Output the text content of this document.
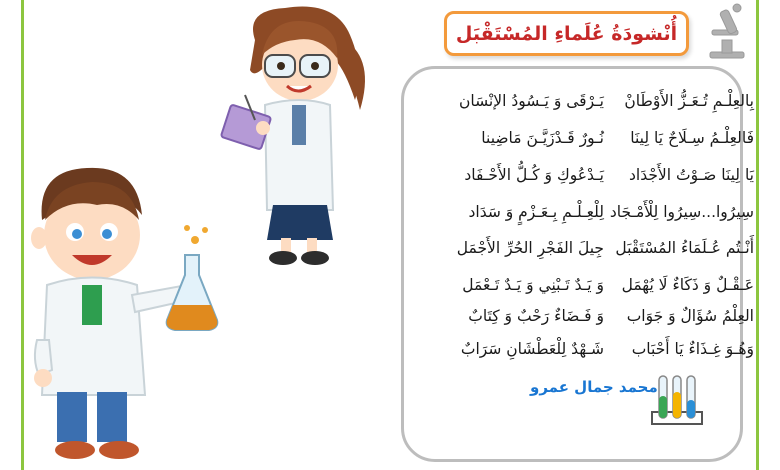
أُنْشودَةُ عُلَماءِ المُسْتَقْبَل
بِالعِلْـمِ تُـعَـزُّ الأَوْطَانْ
يَـرْقَى وَ يَـسُودُ الإنْسَان
فَالعِلْـمُ سِـلَاحٌ يَا لِينَا
نُـورٌ قَـدْزَيَّـنَ مَاضِينا
يَا لِينَا صَـوْتُ الأَجْدَاد
يَـدْعُوكِ وَ كُـلُّ الأَحْـفَاد
سِيرُوا...سِيرُوا لِلْأَمْـجَاد
لِلْعِـلْـمِ بِـعَـزْمٍ وَ سَدَاد
أَنْـتُم عُـلَمَاءُ المُسْتَقْبَل
جِيلَ الفَجْرِ الحُرِّ الأَجْمَل
عَـقْـلٌ وَ ذَكَاءٌ لَا يُهْمَل
وَ يَـدٌ تَـبْنِي وَ يَـدٌ تَـعْمَل
العِلْمُ سُؤَالٌ وَ جَوَاب
وَ فَـضَاءٌ رَحْبٌ وَ كِتَابٌ
وَهُـوَ غِـذَاءٌ يَا أَحْبَاب
شَـهْدٌ لِلْعَطْشَانِ سَرَابٌ
محمد جمال عمرو
